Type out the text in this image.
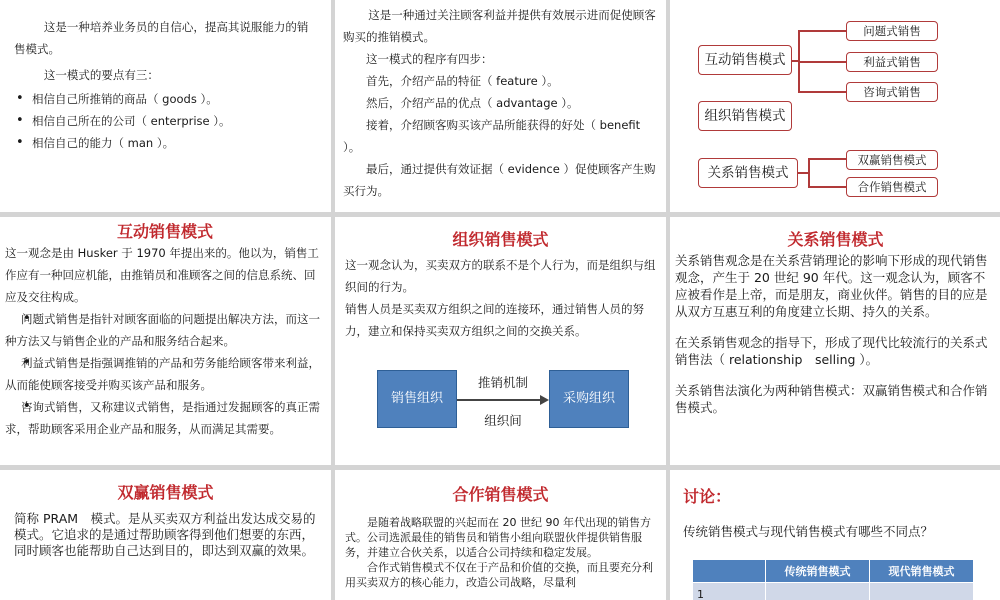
这是一种培养业务员的自信心，提高其说服能力的销售模式。

这一模式的要点有三：

• 相信自己所推销的商品（ goods ）。
• 相信自己所在的公司（ enterprise ）。
• 相信自己的能力（ man ）。

这是一种通过关注顾客利益并提供有效展示进而促使顾客购买的推销模式。

这一模式的程序有四步：

首先，介绍产品的特征（ feature ）。

然后，介绍产品的优点（ advantage ）。

接着，介绍顾客购买该产品所能获得的好处（ benefit ）。

最后，通过提供有效证据（ evidence ）促使顾客产生购买行为。

互动销售模式
组织销售模式
关系销售模式
问题式销售
利益式销售
咨询式销售
双赢销售模式
合作销售模式
互动销售模式

这一观念是由 Husker 于 1970 年提出来的。他以为，销售工作应有一种回应机能，由推销员和准顾客之间的信息系统、回应及交往构成。

• 问题式销售是指针对顾客面临的问题提出解决方法，而这一种方法又与销售企业的产品和服务结合起来。
• 利益式销售是指强调推销的产品和劳务能给顾客带来利益，从而能使顾客接受并购买该产品和服务。
• 咨询式销售，又称建议式销售，是指通过发掘顾客的真正需求，帮助顾客采用企业产品和服务，从而满足其需要。
组织销售模式

这一观念认为，买卖双方的联系不是个人行为，而是组织与组织间的行为。

销售人员是买卖双方组织之间的连接环，通过销售人员的努力，建立和保持买卖双方组织之间的交换关系。

销售组织	采购组织
推销机制
组织间
关系销售模式

关系销售观念是在关系营销理论的影响下形成的现代销售观念，产生于 20 世纪 90 年代。这一观念认为，顾客不应被看作是上帝，而是朋友，商业伙伴。销售的目的应是从双方互惠互利的角度建立长期、持久的关系。

在关系销售观念的指导下，形成了现代比较流行的关系式销售法（ relationship　selling ）。

关系销售法演化为两种销售模式：双赢销售模式和合作销售模式。

双赢销售模式

简称 PRAM　模式。是从买卖双方利益出发达成交易的模式。它追求的是通过帮助顾客得到他们想要的东西，同时顾客也能帮助自己达到目的，即达到双赢的效果。

合作销售模式

是随着战略联盟的兴起而在 20 世纪 90 年代出现的销售方式。公司选派最佳的销售员和销售小组向联盟伙伴提供销售服务，并建立合伙关系，以适合公司持续和稳定发展。

合作式销售模式不仅在于产品和价值的交换，而且要充分利用买卖双方的核心能力，改造公司战略，尽量利

讨论：
传统销售模式与现代销售模式有哪些不同点？
	传统销售模式	现代销售模式
1		
